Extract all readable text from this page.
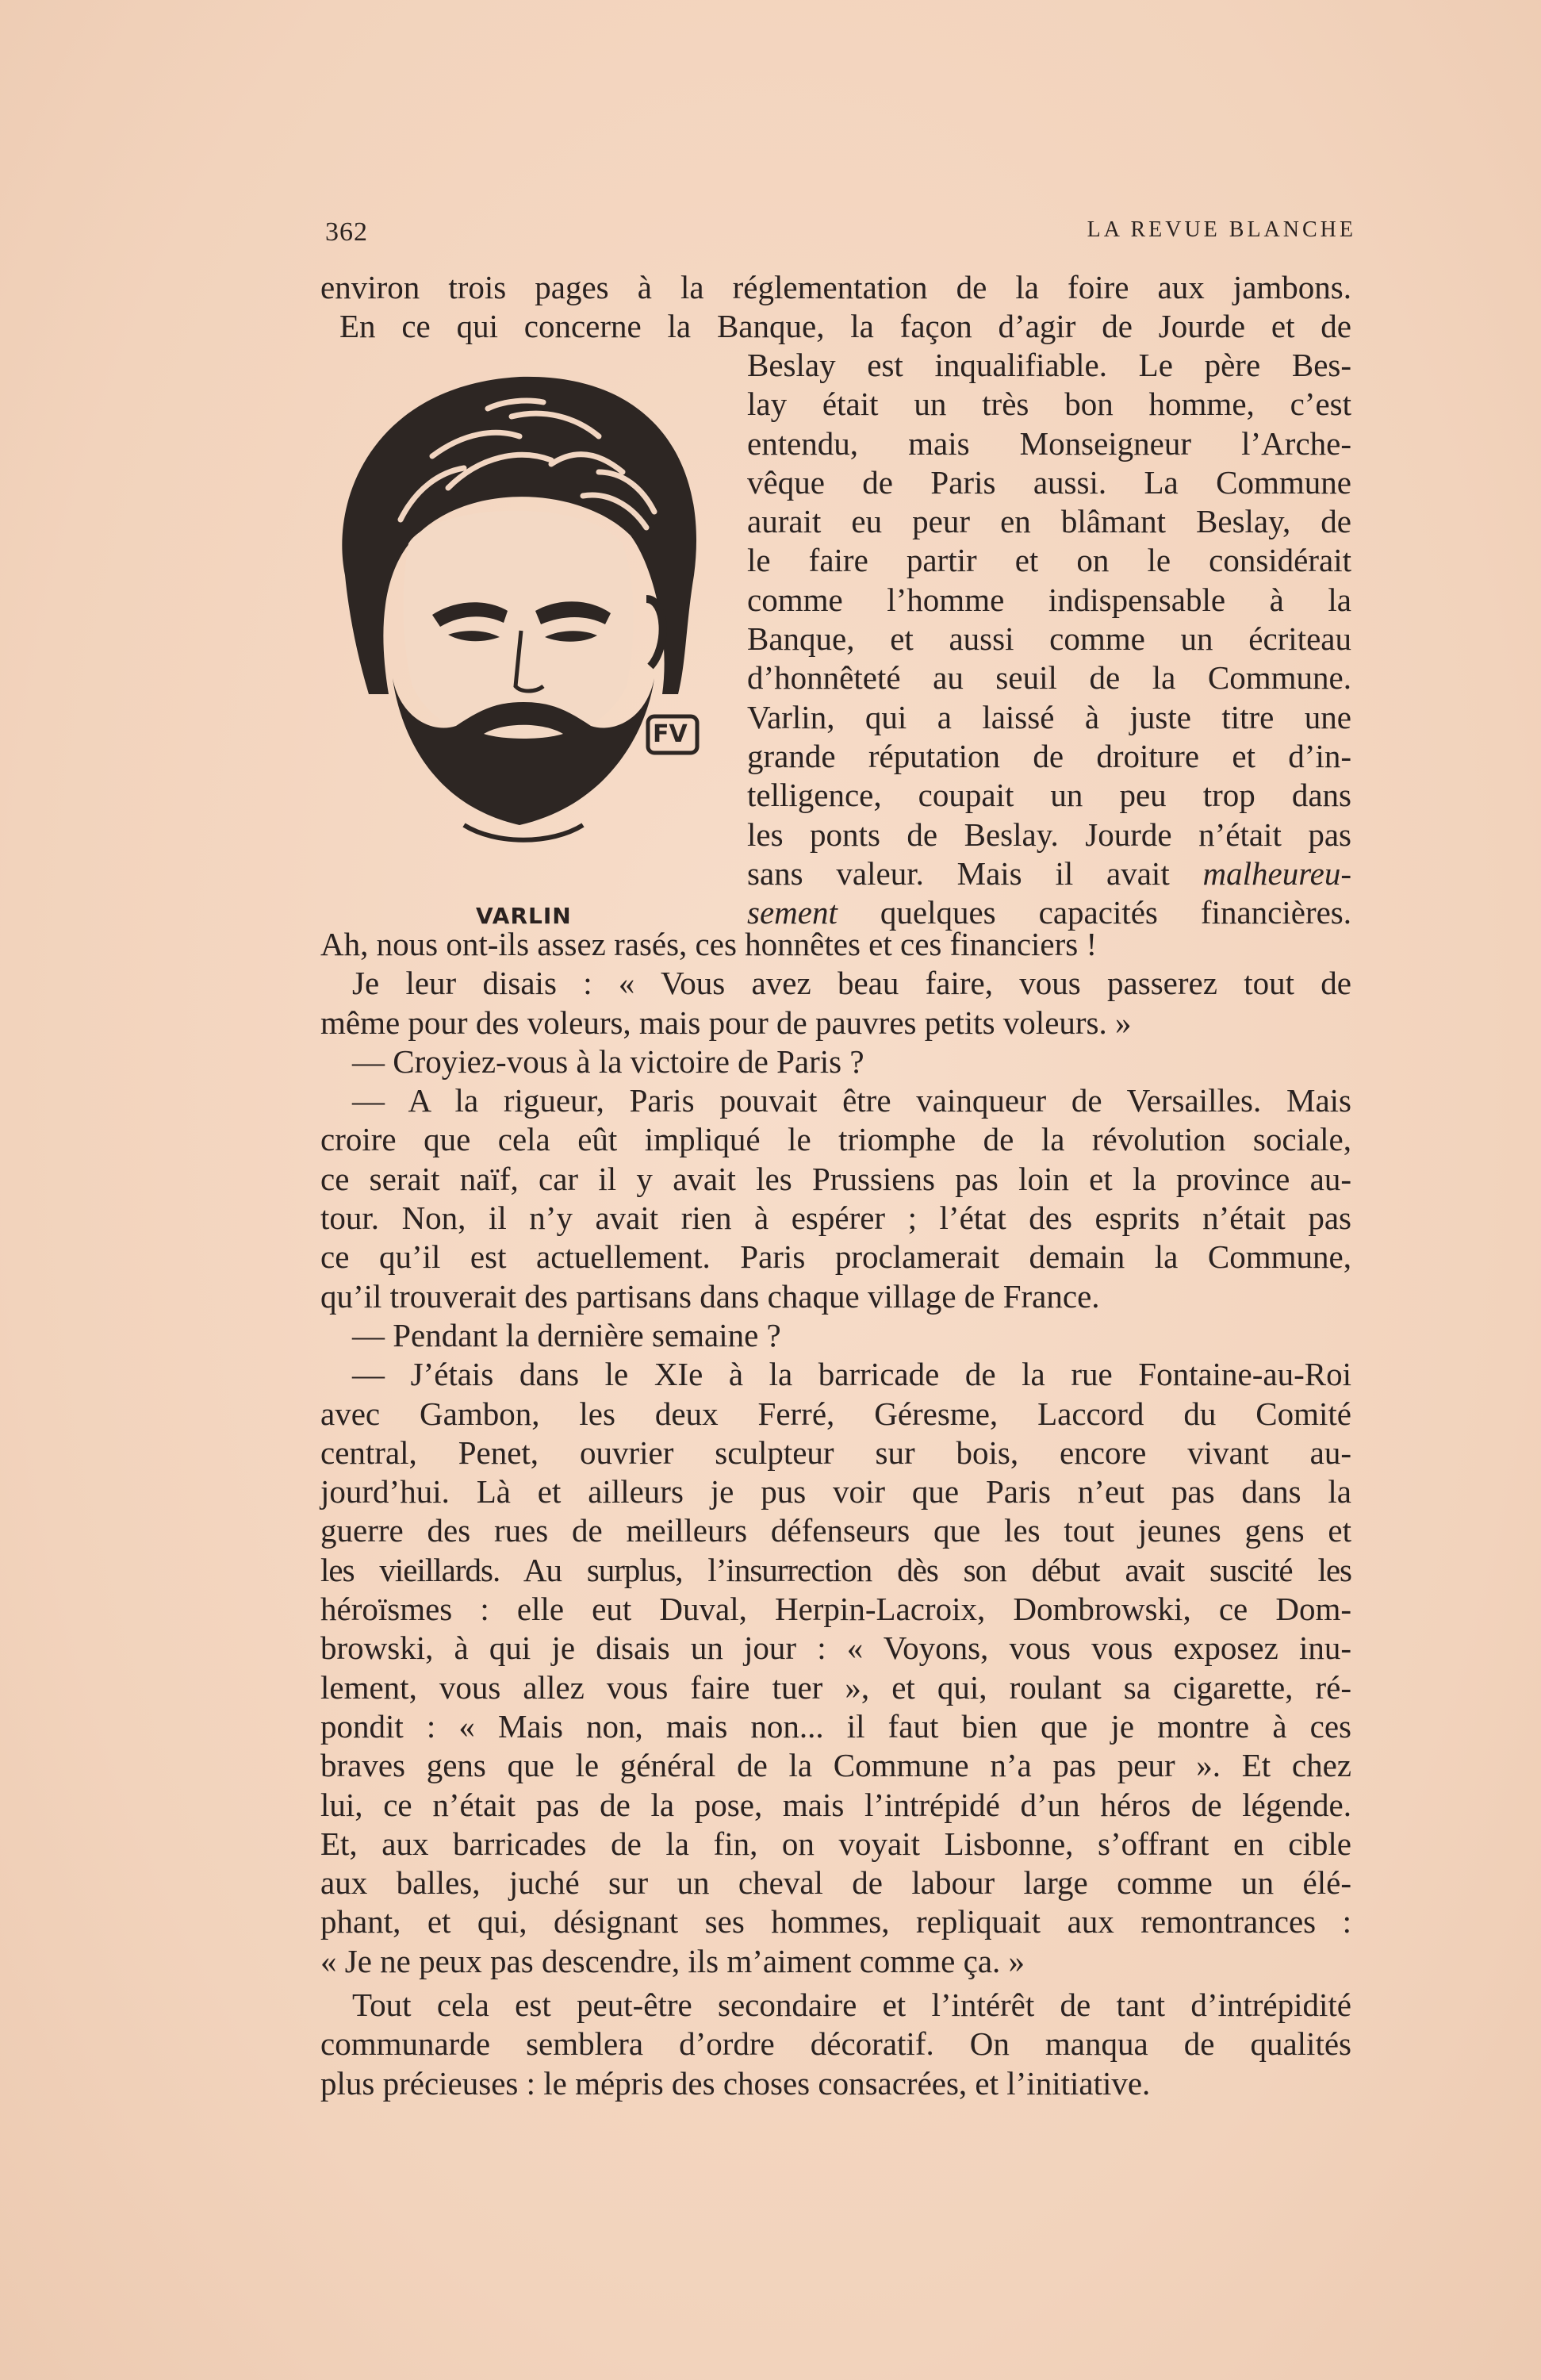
362	LA REVUE BLANCHE
environ trois pages à la réglementation de la foire aux jambons.
En ce qui concerne la Banque, la façon d’agir de Jourde et de
FV
Beslay est inqualifiable. Le père Bes-
lay était un très bon homme, c’est
entendu, mais Monseigneur l’Arche-
vêque de Paris aussi. La Commune
aurait eu peur en blâmant Beslay, de
le faire partir et on le considérait
comme l’homme indispensable à la
Banque, et aussi comme un écriteau
d’honnêteté au seuil de la Commune.
Varlin, qui a laissé à juste titre une
grande réputation de droiture et d’in-
telligence, coupait un peu trop dans
les ponts de Beslay. Jourde n’était pas
sans valeur. Mais il avait malheureu-
sement quelques capacités financières.
VARLIN
Ah, nous ont-ils assez rasés, ces honnêtes et ces financiers !
Je leur disais : « Vous avez beau faire, vous passerez tout de
même pour des voleurs, mais pour de pauvres petits voleurs. »
— Croyiez-vous à la victoire de Paris ?
— A la rigueur, Paris pouvait être vainqueur de Versailles. Mais
croire que cela eût impliqué le triomphe de la révolution sociale,
ce serait naïf, car il y avait les Prussiens pas loin et la province au-
tour. Non, il n’y avait rien à espérer ; l’état des esprits n’était pas
ce qu’il est actuellement. Paris proclamerait demain la Commune,
qu’il trouverait des partisans dans chaque village de France.
— Pendant la dernière semaine ?
— J’étais dans le XIe à la barricade de la rue Fontaine-au-Roi
avec Gambon, les deux Ferré, Géresme, Laccord du Comité
central, Penet, ouvrier sculpteur sur bois, encore vivant au-
jourd’hui. Là et ailleurs je pus voir que Paris n’eut pas dans la
guerre des rues de meilleurs défenseurs que les tout jeunes gens et
les vieillards. Au surplus, l’insurrection dès son début avait suscité les
héroïsmes : elle eut Duval, Herpin-Lacroix, Dombrowski, ce Dom-
browski, à qui je disais un jour : « Voyons, vous vous exposez inu-
lement, vous allez vous faire tuer », et qui, roulant sa cigarette, ré-
pondit : « Mais non, mais non... il faut bien que je montre à ces
braves gens que le général de la Commune n’a pas peur ». Et chez
lui, ce n’était pas de la pose, mais l’intrépidé d’un héros de légende.
Et, aux barricades de la fin, on voyait Lisbonne, s’offrant en cible
aux balles, juché sur un cheval de labour large comme un élé-
phant, et qui, désignant ses hommes, repliquait aux remontrances :
« Je ne peux pas descendre, ils m’aiment comme ça. »
Tout cela est peut-être secondaire et l’intérêt de tant d’intrépidité
communarde semblera d’ordre décoratif. On manqua de qualités
plus précieuses : le mépris des choses consacrées, et l’initiative.
